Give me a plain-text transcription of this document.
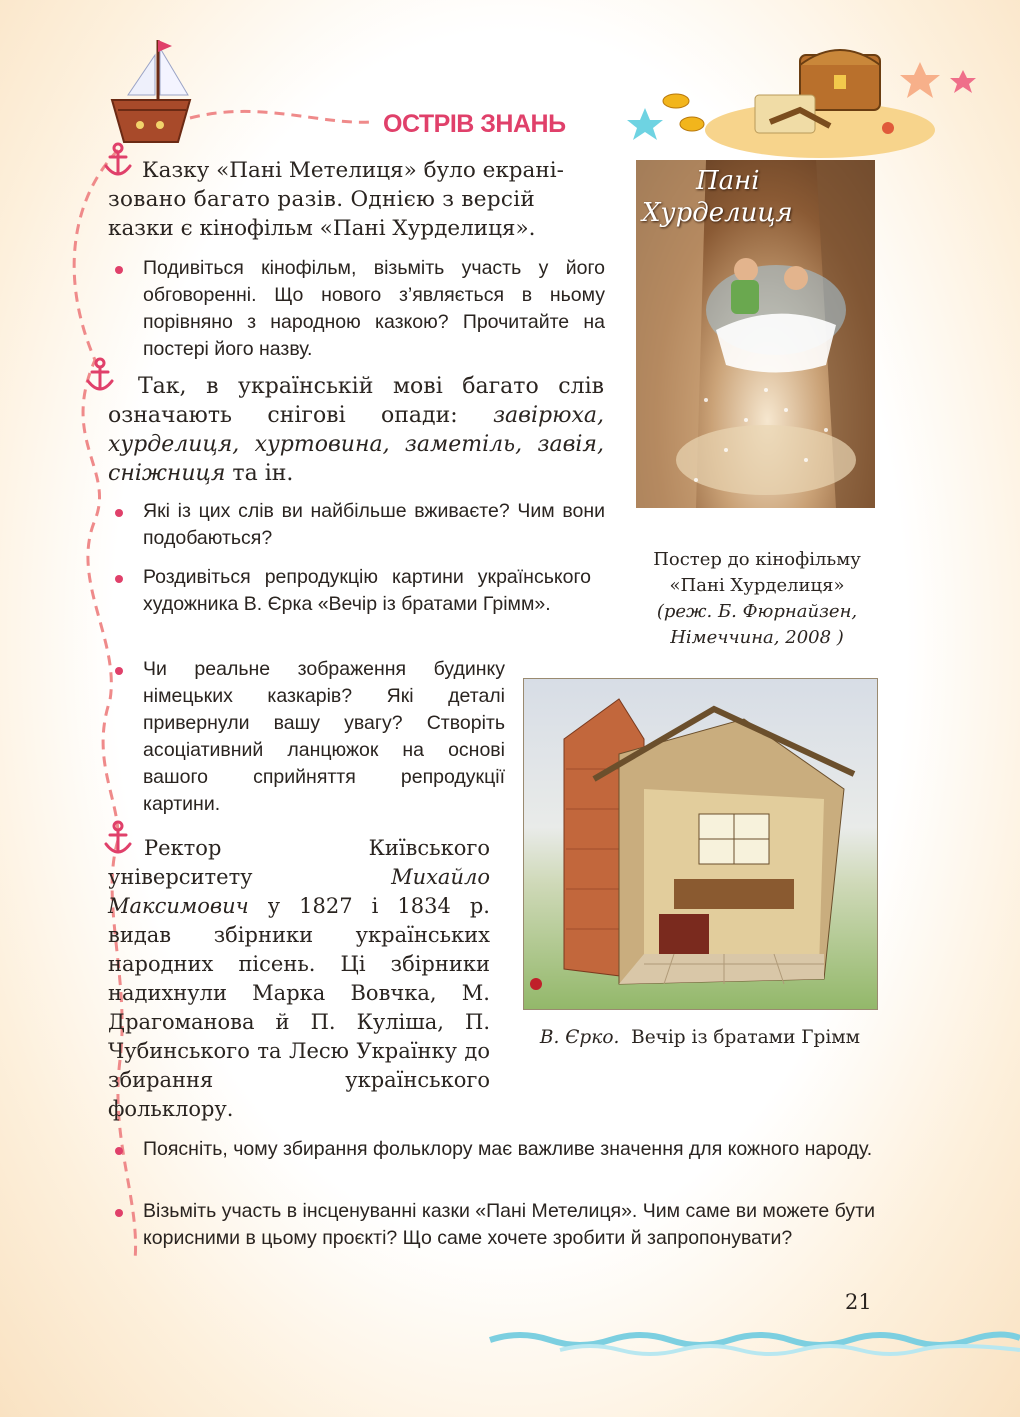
ОСТРІВ ЗНАНЬ
Казку «Пані Метелиця» було екрані-
зовано багато разів. Однією з версій
казки є кінофільм «Пані Хурделиця».
Подивіться кінофільм, візьміть участь у його обговоренні. Що нового з’являється в ньому порівняно з народною казкою? Прочитайте на постері його назву.
Так, в українській мові багато слів означають снігові опади: завірюха, хурделиця, хуртовина, заметіль, завія, сніжниця та ін.
Які із цих слів ви найбільше вживаєте? Чим вони подобаються?
Роздивіться репродукцію картини українського художника В. Єрка «Вечір із братами Грімм».
Чи реальне зображення будинку німецьких казкарів? Які деталі привернули вашу увагу? Створіть асоціативний ланцюжок на основі вашого сприйняття репродукції картини.
Ректор Київського університету Михайло Максимович у 1827 і 1834 р. видав збірники українських народних пісень. Ці збірники надихнули Марка Вовчка, М. Драгоманова й П. Куліша, П. Чубинського та Лесю Українку до збирання українського фольклору.
Поясніть, чому збирання фольклору має важливе значення для кожного народу.
Візьміть участь в інсценуванні казки «Пані Метелиця». Чим саме ви можете бути корисними в цьому проєкті? Що саме хочете зробити й запропонувати?
Пані
Хурделиця
Постер до кінофільму
«Пані Хурделиця»
(реж. Б. Фюрнайзен,
Німеччина, 2008 )
В. Єрко. Вечір із братами Грімм
21
